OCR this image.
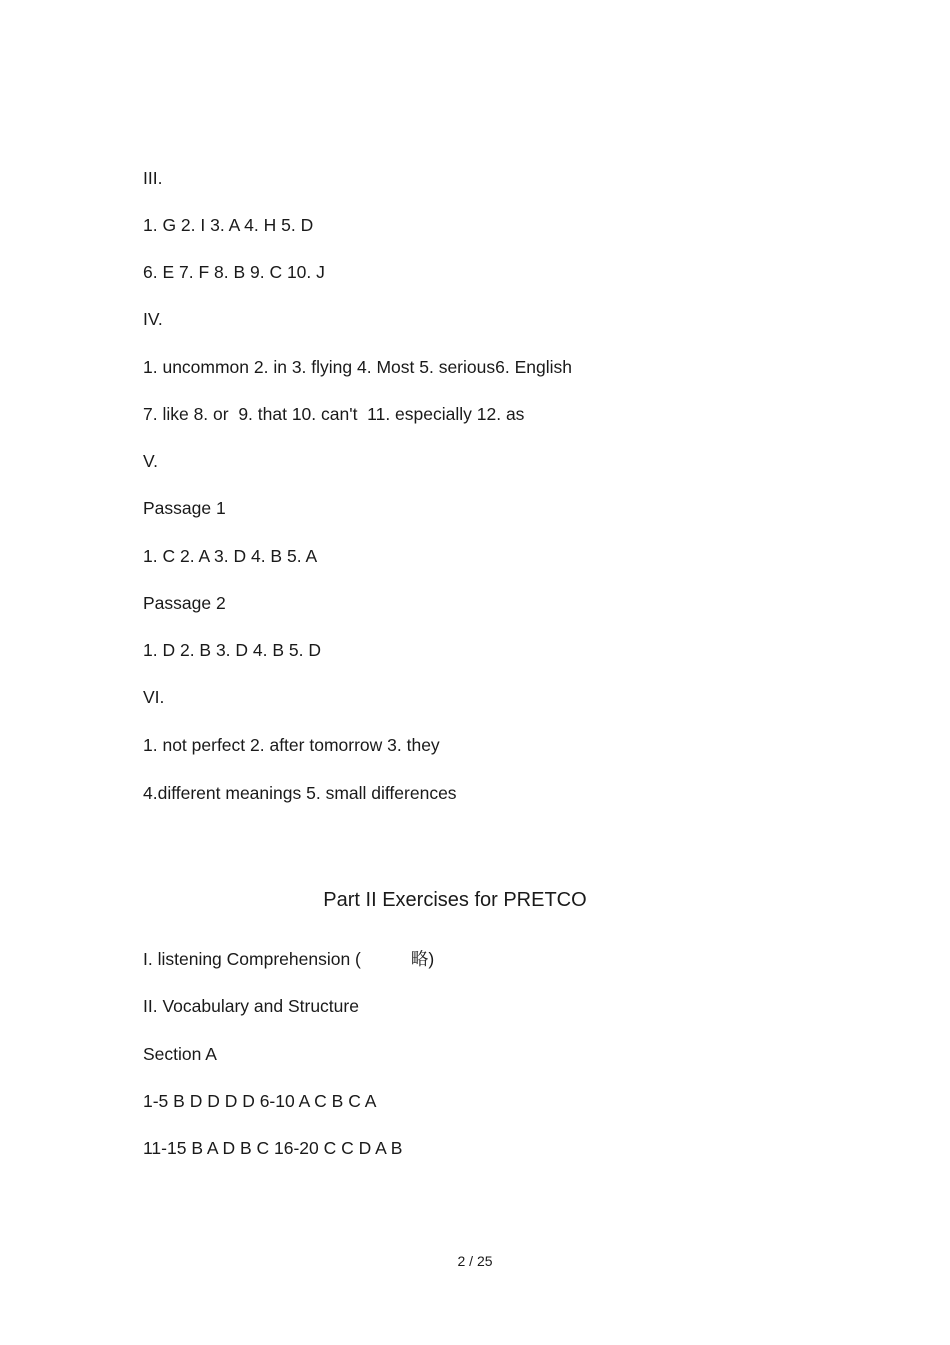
III.
1. G 2. I 3. A 4. H 5. D
6. E 7. F 8. B 9. C 10. J
IV.
1. uncommon 2. in 3. flying 4. Most 5. serious6. English
7. like 8. or  9. that 10. can't  11. especially 12. as
V.
Passage 1
1. C 2. A 3. D 4. B 5. A
Passage 2
1. D 2. B 3. D 4. B 5. D
VI.
1. not perfect 2. after tomorrow 3. they
4.different meanings 5. small differences
Part II Exercises for PRETCO
I. listening Comprehension (	略)
II. Vocabulary and Structure
Section A
1-5 B D D D D 6-10 A C B C A
11-15 B A D B C 16-20 C C D A B
2 / 25
